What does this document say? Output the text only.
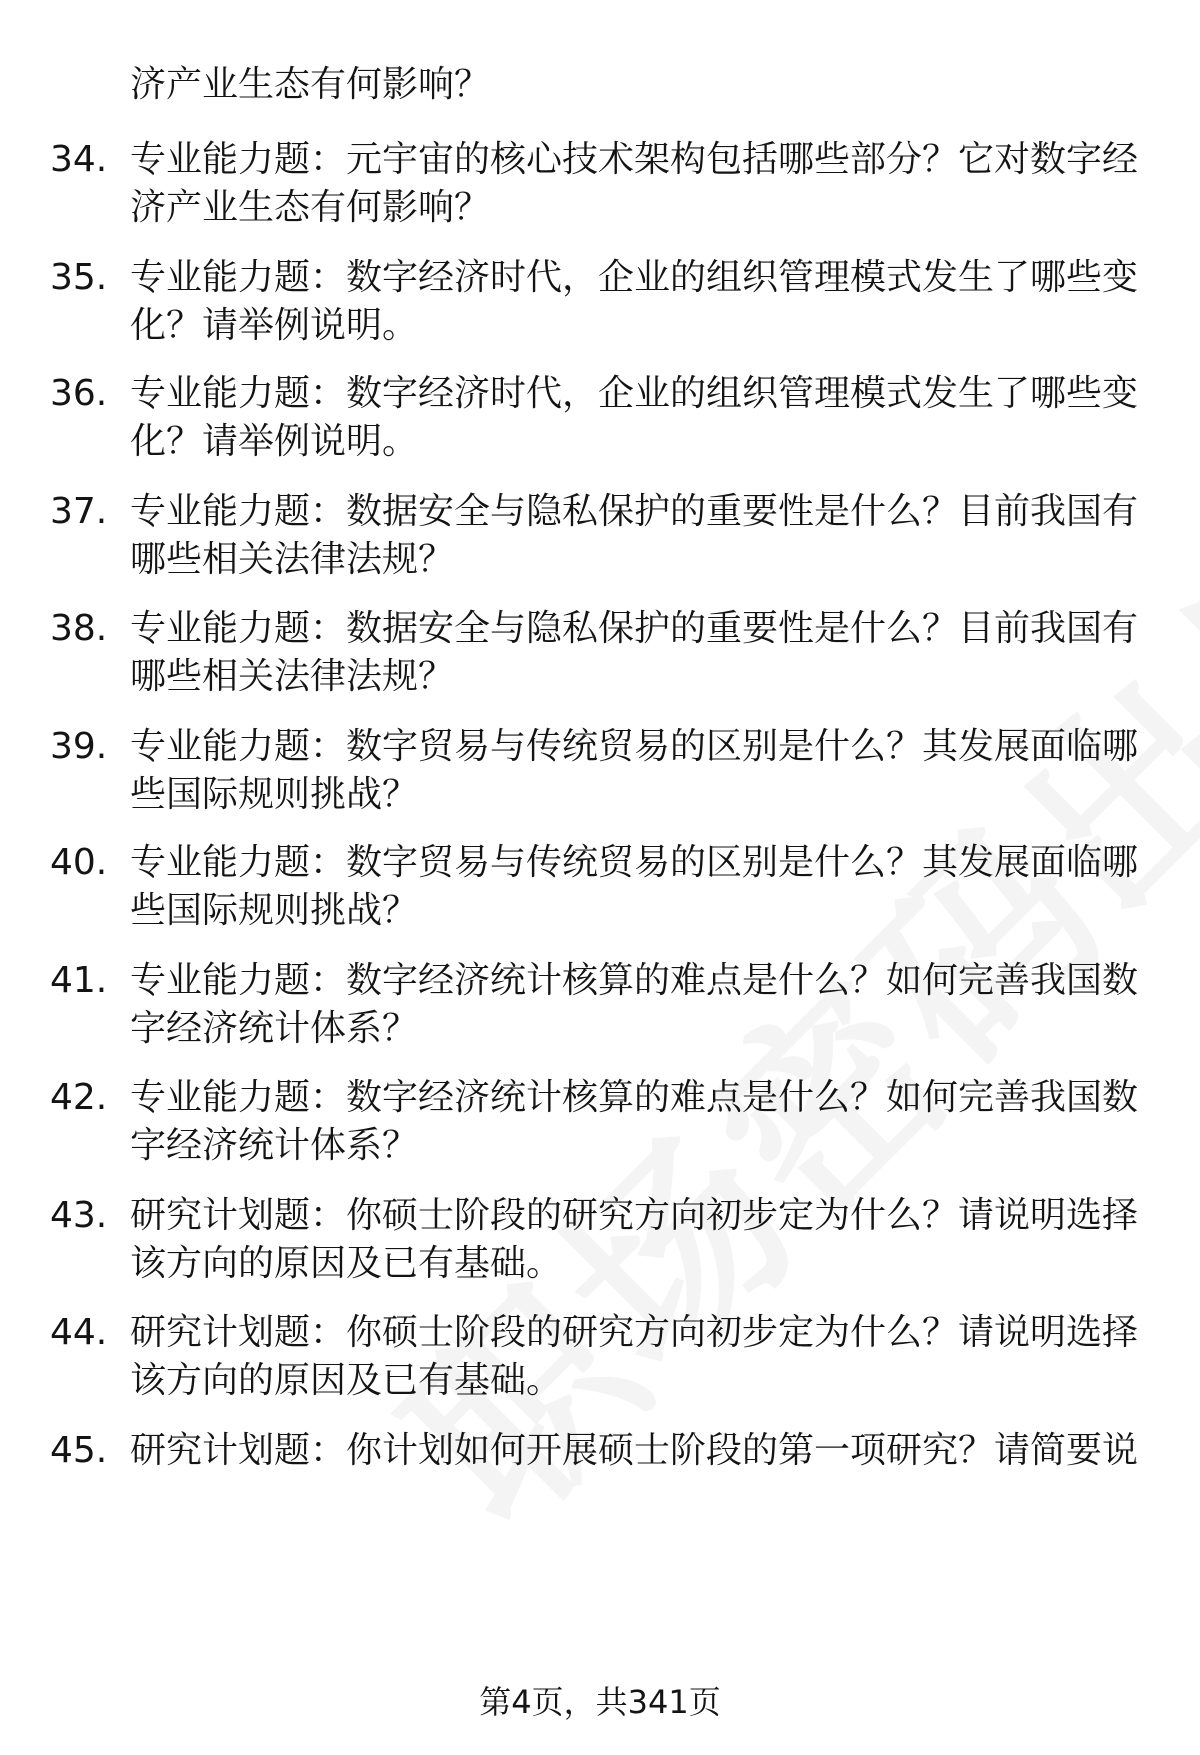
济产业生态有何影响？
34. 专业能力题：元宇宙的核心技术架构包括哪些部分？它对数字经
济产业生态有何影响？
35. 专业能力题：数字经济时代，企业的组织管理模式发生了哪些变
化？请举例说明。
36. 专业能力题：数字经济时代，企业的组织管理模式发生了哪些变
化？请举例说明。
37. 专业能力题：数据安全与隐私保护的重要性是什么？目前我国有
哪些相关法律法规？
38. 专业能力题：数据安全与隐私保护的重要性是什么？目前我国有
哪些相关法律法规？
39. 专业能力题：数字贸易与传统贸易的区别是什么？其发展面临哪
些国际规则挑战？
40. 专业能力题：数字贸易与传统贸易的区别是什么？其发展面临哪
些国际规则挑战？
41. 专业能力题：数字经济统计核算的难点是什么？如何完善我国数
字经济统计体系？
42. 专业能力题：数字经济统计核算的难点是什么？如何完善我国数
字经济统计体系？
43. 研究计划题：你硕士阶段的研究方向初步定为什么？请说明选择
该方向的原因及已有基础。
44. 研究计划题：你硕士阶段的研究方向初步定为什么？请说明选择
该方向的原因及已有基础。
45. 研究计划题：你计划如何开展硕士阶段的第一项研究？请简要说
第4页，共341页
